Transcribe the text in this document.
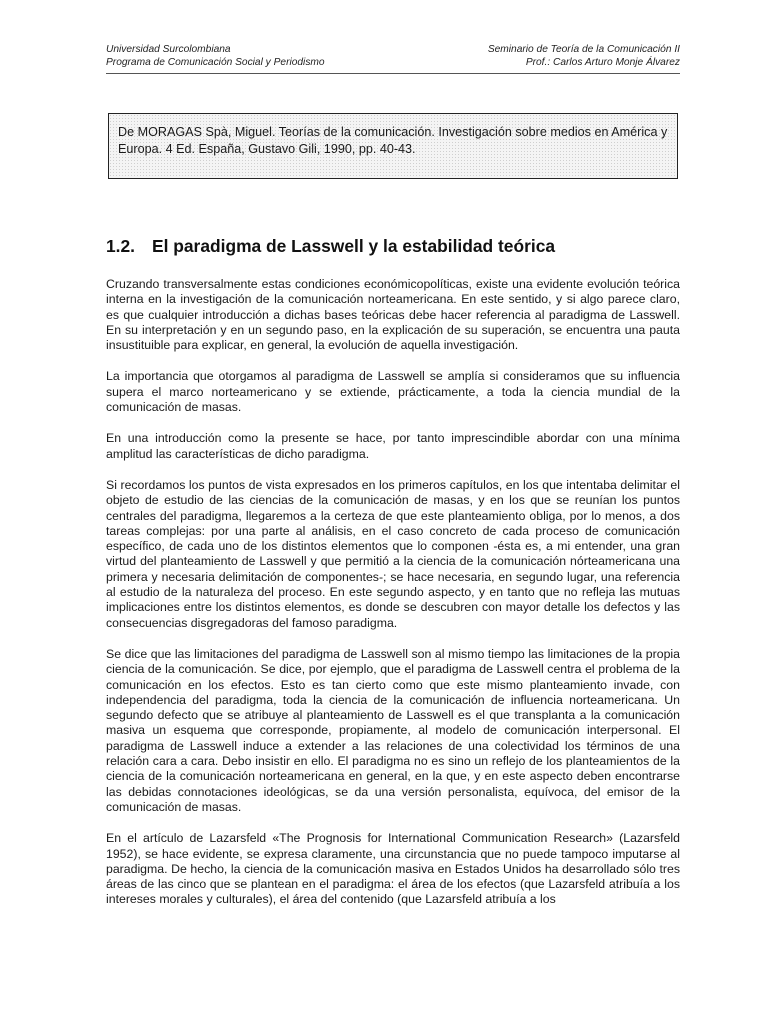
Universidad Surcolombiana
Programa de Comunicación Social y Periodismo
Seminario de Teoría de la Comunicación II
Prof.: Carlos Arturo Monje Álvarez
De MORAGAS Spà, Miguel. Teorías de la comunicación. Investigación sobre medios en América y Europa. 4 Ed. España, Gustavo Gili, 1990, pp. 40-43.
1.2. El paradigma de Lasswell y la estabilidad teórica

Cruzando transversalmente estas condiciones económicopolíticas, existe una evidente evolución teórica interna en la investigación de la comunicación norteamericana. En este sentido, y si algo parece claro, es que cualquier introducción a dichas bases teóricas debe hacer referencia al paradigma de Lasswell. En su interpretación y en un segundo paso, en la explicación de su superación, se encuentra una pauta insustituible para explicar, en general, la evolución de aquella investigación.

La importancia que otorgamos al paradigma de Lasswell se amplía si consideramos que su influencia supera el marco norteamericano y se extiende, prácticamente, a toda la ciencia mundial de la comunicación de masas.

En una introducción como la presente se hace, por tanto imprescindible abordar con una mínima amplitud las características de dicho paradigma.

Si recordamos los puntos de vista expresados en los primeros capítulos, en los que intentaba delimitar el objeto de estudio de las ciencias de la comunicación de masas, y en los que se reunían los puntos centrales del paradigma, llegaremos a la certeza de que este planteamiento obliga, por lo menos, a dos tareas complejas: por una parte al análisis, en el caso concreto de cada proceso de comunicación específico, de cada uno de los distintos elementos que lo componen -ésta es, a mi entender, una gran virtud del planteamiento de Lasswell y que permitió a la ciencia de la comunicación nórteamericana una primera y necesaria delimitación de componentes-; se hace necesaria, en segundo lugar, una referencia al estudio de la naturaleza del proceso. En este segundo aspecto, y en tanto que no refleja las mutuas implicaciones entre los distintos elementos, es donde se descubren con mayor detalle los defectos y las consecuencias disgregadoras del famoso paradigma.

Se dice que las limitaciones del paradigma de Lasswell son al mismo tiempo las limitaciones de la propia ciencia de la comunicación. Se dice, por ejemplo, que el paradigma de Lasswell centra el problema de la comunicación en los efectos. Esto es tan cierto como que este mismo planteamiento invade, con independencia del paradigma, toda la ciencia de la comunicación de influencia norteamericana. Un segundo defecto que se atribuye al planteamiento de Lasswell es el que transplanta a la comunicación masiva un esquema que corresponde, propiamente, al modelo de comunicación interpersonal. El paradigma de Lasswell induce a extender a las relaciones de una colectividad los términos de una relación cara a cara. Debo insistir en ello. El paradigma no es sino un reflejo de los planteamientos de la ciencia de la comunicación norteamericana en general, en la que, y en este aspecto deben encontrarse las debidas connotaciones ideológicas, se da una versión personalista, equívoca, del emisor de la comunicación de masas.

En el artículo de Lazarsfeld «The Prognosis for International Communication Research» (Lazarsfeld 1952), se hace evidente, se expresa claramente, una circunstancia que no puede tampoco imputarse al paradigma. De hecho, la ciencia de la comunicación masiva en Estados Unidos ha desarrollado sólo tres áreas de las cinco que se plantean en el paradigma: el área de los efectos (que Lazarsfeld atribuía a los intereses morales y culturales), el área del contenido (que Lazarsfeld atribuía a los
